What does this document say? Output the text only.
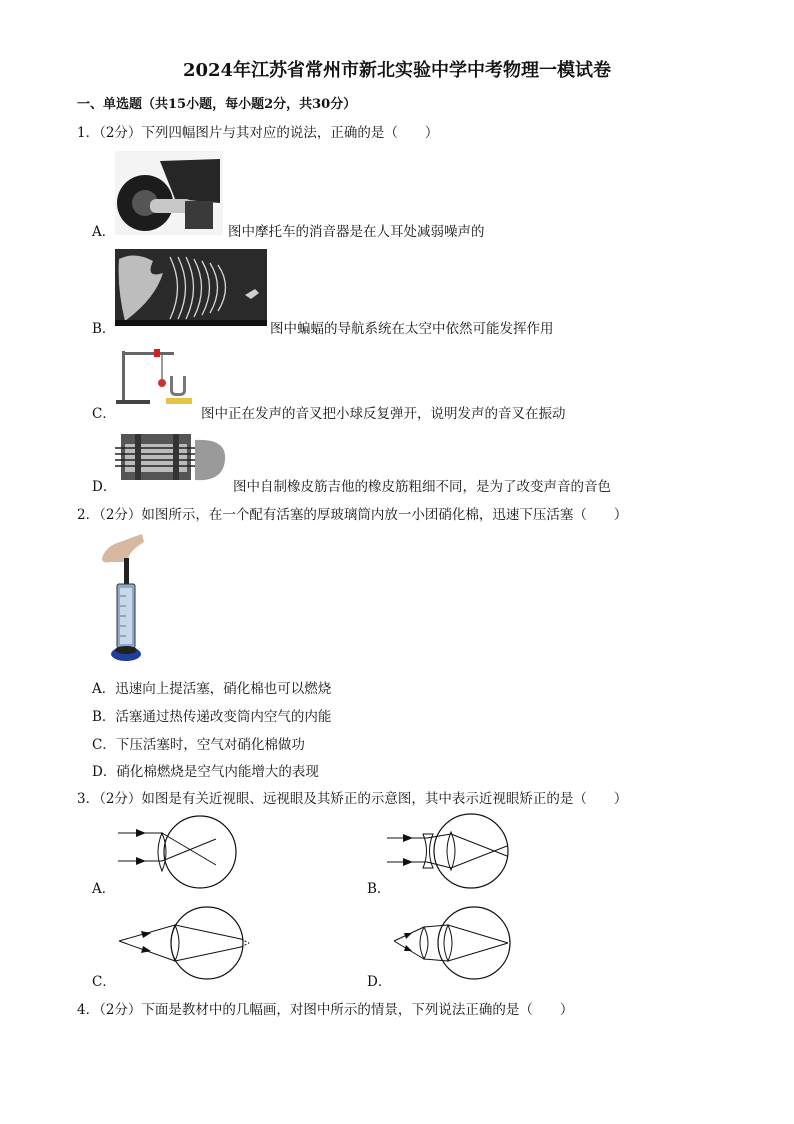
2024年江苏省常州市新北实验中学中考物理一模试卷
一、单选题（共15小题，每小题2分，共30分）
1．（2分）下列四幅图片与其对应的说法，正确的是（　　）
A．	图中摩托车的消音器是在人耳处减弱噪声的
B．	图中蝙蝠的导航系统在太空中依然可能发挥作用
C．	图中正在发声的音叉把小球反复弹开，说明发声的音叉在振动
D．	图中自制橡皮筋吉他的橡皮筋粗细不同，是为了改变声音的音色
2．（2分）如图所示，在一个配有活塞的厚玻璃筒内放一小团硝化棉，迅速下压活塞（　　）
A．迅速向上提活塞，硝化棉也可以燃烧
B．活塞通过热传递改变筒内空气的内能
C．下压活塞时，空气对硝化棉做功
D．硝化棉燃烧是空气内能增大的表现
3．（2分）如图是有关近视眼、远视眼及其矫正的示意图，其中表示近视眼矫正的是（　　）
A．	B．
C．	D．
4．（2分）下面是教材中的几幅画，对图中所示的情景，下列说法正确的是（　　）
